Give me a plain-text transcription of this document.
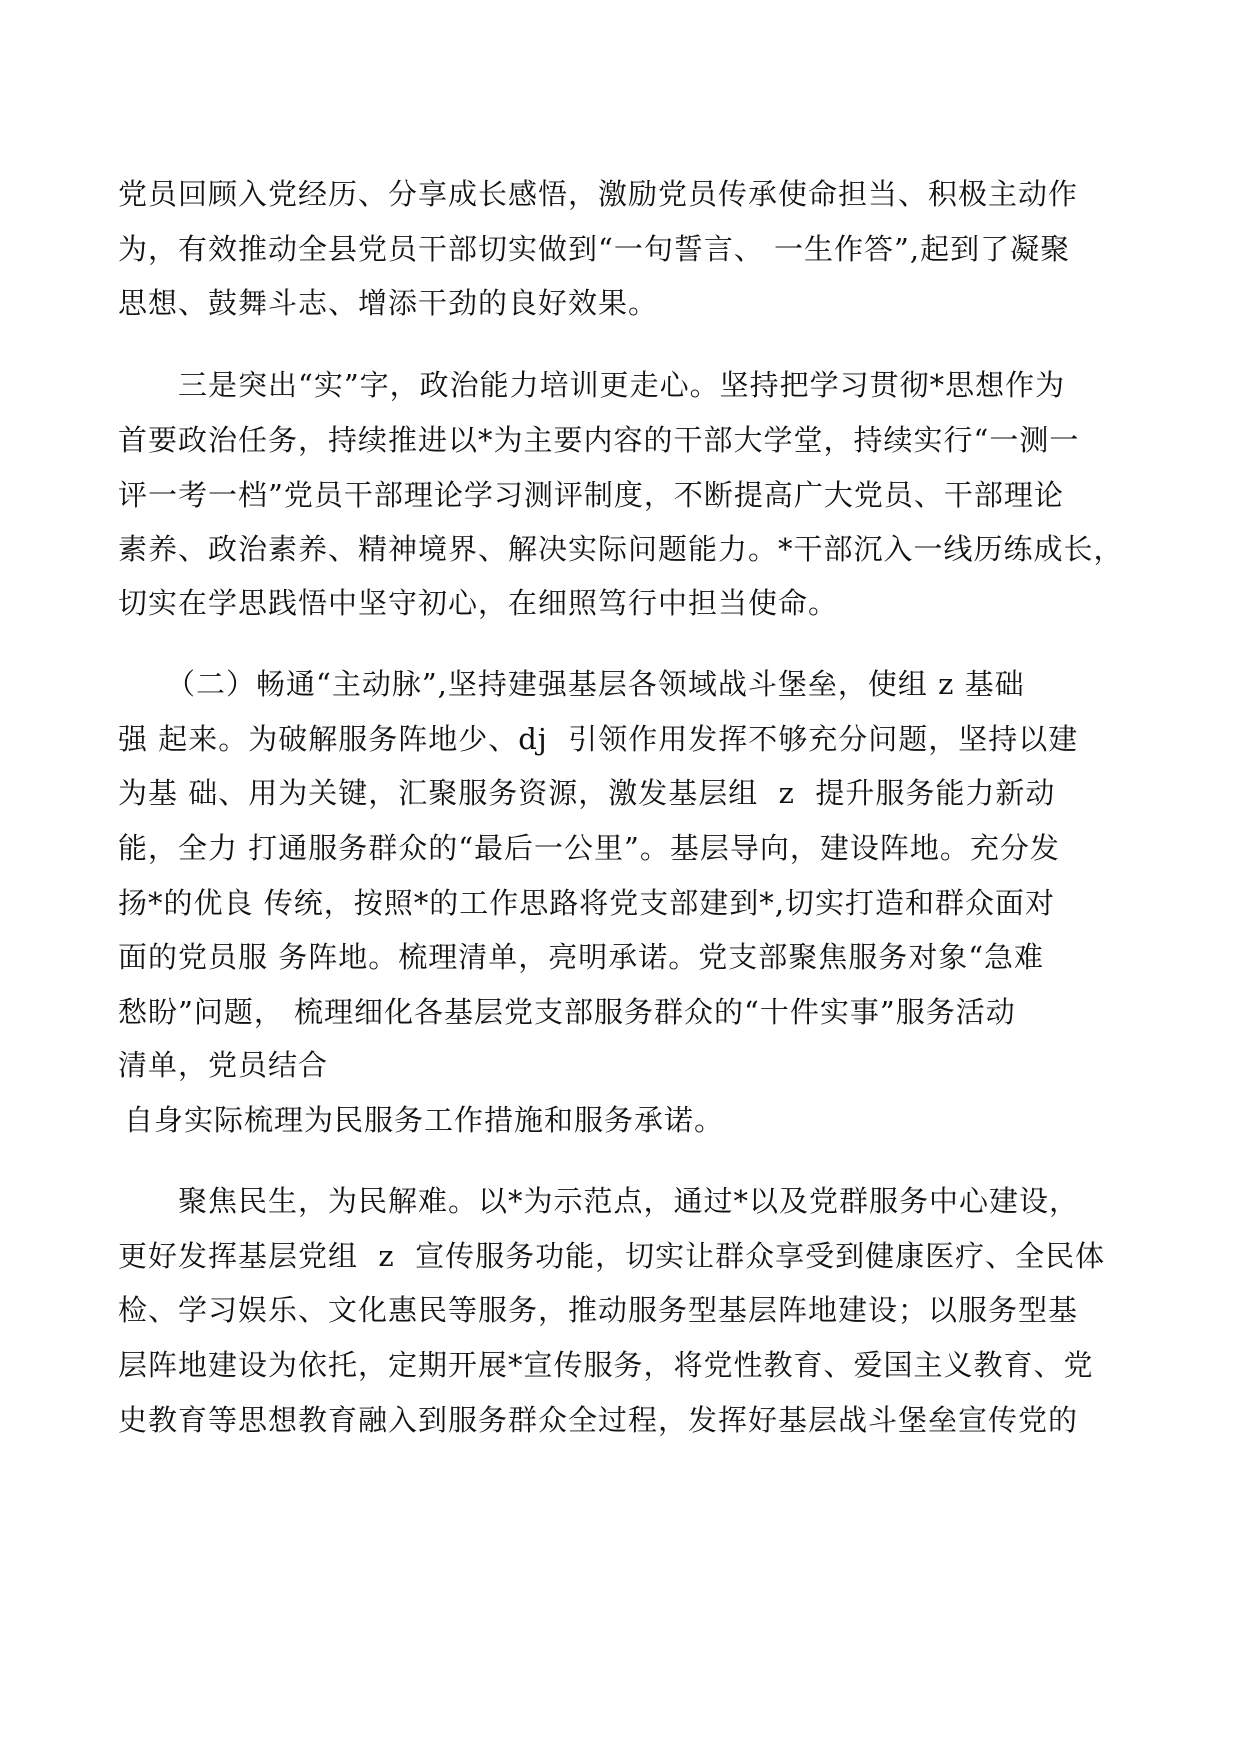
党员回顾入党经历、分享成长感悟，激励党员传承使命担当、积极主动作
为，有效推动全县党员干部切实做到“一句誓言、 一生作答”,起到了凝聚
思想、鼓舞斗志、增添干劲的良好效果。
三是突出“实”字，政治能力培训更走心。坚持把学习贯彻*思想作为
首要政治任务，持续推进以*为主要内容的干部大学堂，持续实行“一测一
评一考一档”党员干部理论学习测评制度，不断提高广大党员、干部理论
素养、政治素养、精神境界、解决实际问题能力。*干部沉入一线历练成长，
切实在学思践悟中坚守初心，在细照笃行中担当使命。
（二）畅通“主动脉”,坚持建强基层各领域战斗堡垒，使组 z 基础
强 起来。为破解服务阵地少、dj  引领作用发挥不够充分问题，坚持以建
为基 础、用为关键，汇聚服务资源，激发基层组  z  提升服务能力新动
能，全力 打通服务群众的“最后一公里”。基层导向，建设阵地。充分发
扬*的优良 传统，按照*的工作思路将党支部建到*,切实打造和群众面对
面的党员服 务阵地。梳理清单，亮明承诺。党支部聚焦服务对象“急难
愁盼”问题， 梳理细化各基层党支部服务群众的“十件实事”服务活动
清单，党员结合
自身实际梳理为民服务工作措施和服务承诺。
聚焦民生，为民解难。以*为示范点，通过*以及党群服务中心建设，
更好发挥基层党组  z  宣传服务功能，切实让群众享受到健康医疗、全民体
检、学习娱乐、文化惠民等服务，推动服务型基层阵地建设；以服务型基
层阵地建设为依托，定期开展*宣传服务，将党性教育、爱国主义教育、党
史教育等思想教育融入到服务群众全过程，发挥好基层战斗堡垒宣传党的
